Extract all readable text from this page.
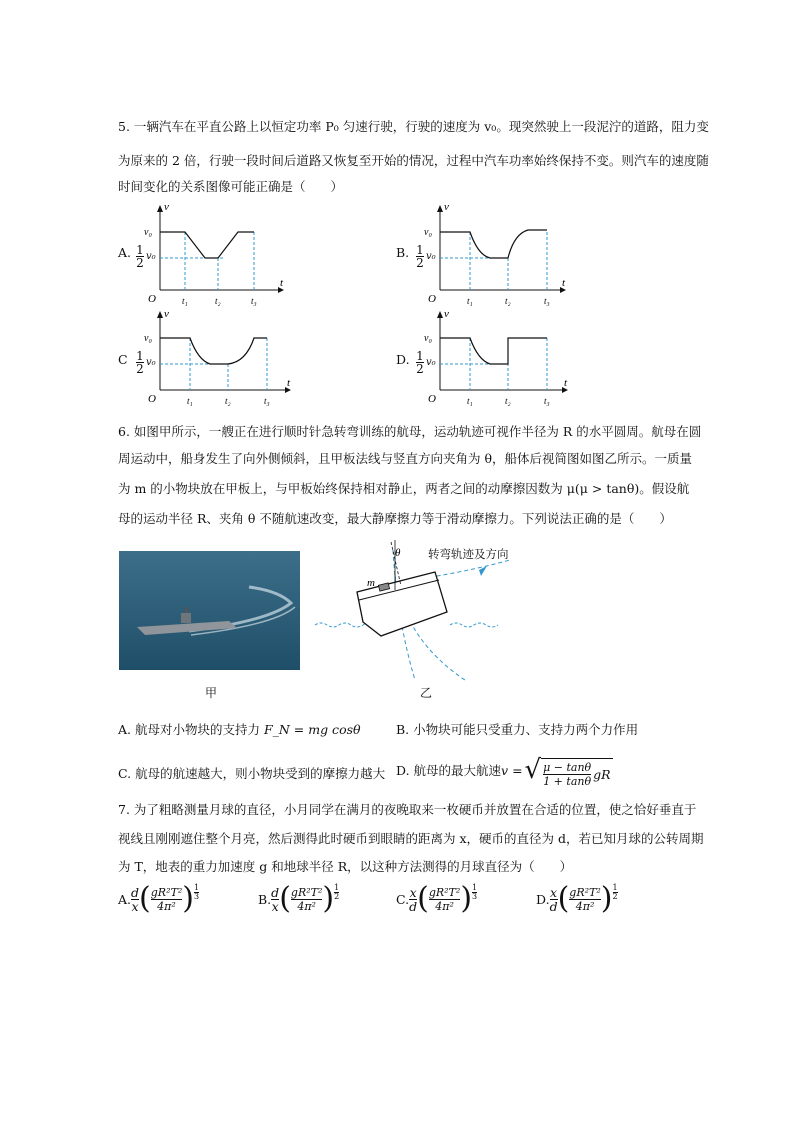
5. 一辆汽车在平直公路上以恒定功率 P₀ 匀速行驶，行驶的速度为 v₀。现突然驶上一段泥泞的道路，阻力变
为原来的 2 倍，行驶一段时间后道路又恢复至开始的情况，过程中汽车功率始终保持不变。则汽车的速度随
时间变化的关系图像可能正确是（　　）
A.
v
t
O
v₀
t₁	t₂	t₃
1
2 v₀	B.
v
t
O
v₀
t₁	t₂	t₃
1
2 v₀
C
v
t
O
v₀
t₁	t₂	t₃
1
2 v₀	D.
v
t
O
v₀
t₁	t₂	t₃
1
2 v₀
6. 如图甲所示，一艘正在进行顺时针急转弯训练的航母，运动轨迹可视作半径为 R 的水平圆周。航母在圆
周运动中，船身发生了向外侧倾斜，且甲板法线与竖直方向夹角为 θ，船体后视简图如图乙所示。一质量
为 m 的小物块放在甲板上，与甲板始终保持相对静止，两者之间的动摩擦因数为 μ(μ > tanθ)。假设航
母的运动半径 R、夹角 θ 不随航速改变，最大静摩擦力等于滑动摩擦力。下列说法正确的是（　　）
甲
θ
m
转弯轨迹及方向
乙
A. 航母对小物块的支持力 F_N = mg cosθ	B. 小物块可能只受重力、支持力两个力作用
C. 航母的航速越大，则小物块受到的摩擦力越大 D. 航母的最大航速 v = √ $\frac{\mu - \tan\theta}{1 + \tan\theta}$ gR
7. 为了粗略测量月球的直径，小月同学在满月的夜晚取来一枚硬币并放置在合适的位置，使之恰好垂直于
视线且刚刚遮住整个月亮，然后测得此时硬币到眼睛的距离为 x，硬币的直径为 d，若已知月球的公转周期
为 T，地表的重力加速度 g 和地球半径 R，以这种方法测得的月球直径为（　　）
A. $\frac{d}{x}$ ( $\frac{\text{gR²T²}}{\text{4π²}}$ ) $\frac{1}{3}$	B. $\frac{d}{x}$ ( $\frac{\text{gR²T²}}{\text{4π²}}$ ) $\frac{1}{2}$	C. $\frac{x}{d}$ ( $\frac{\text{gR²T²}}{\text{4π²}}$ ) $\frac{1}{3}$	D. $\frac{x}{d}$ ( $\frac{\text{gR²T²}}{\text{4π²}}$ ) $\frac{1}{2}$
